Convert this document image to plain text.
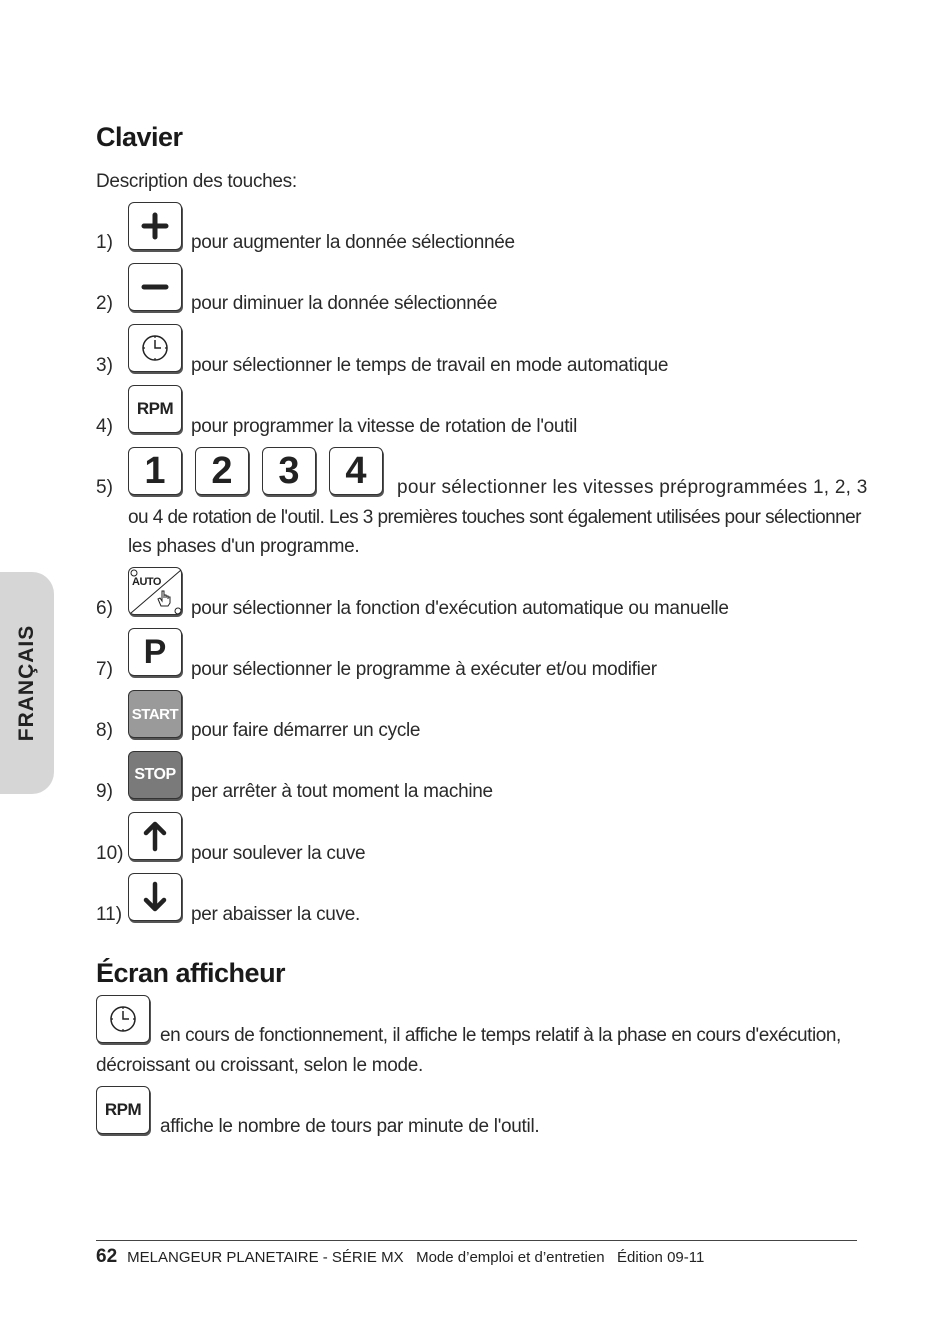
FRANÇAIS
Clavier
Description des touches:
1)	pour augmenter la donnée sélectionnée
2)	pour diminuer la donnée sélectionnée
3)	pour sélectionner le temps de travail en mode automatique
4)
RPM
pour programmer la vitesse de rotation de l'outil
5) 1 2 3 4 pour sélectionner les vitesses préprogrammées 1, 2, 3
ou 4 de rotation de l'outil. Les 3 premières touches sont également utilisées pour sélectionner
les phases d'un programme.
6)
AUTO
pour sélectionner la fonction d'exécution automatique ou manuelle
7) P pour sélectionner le programme à exécuter et/ou modifier
8)
START
pour faire démarrer un cycle
9)
STOP
per arrêter à tout moment la machine
10)	pour soulever la cuve
11)	per abaisser la cuve.
Écran afficheur
en cours de fonctionnement, il affiche le temps relatif à la phase en cours d'exécution,
décroissant ou croissant, selon le mode.
RPM
affiche le nombre de tours par minute de l'outil.
62 MELANGEUR PLANETAIRE - SÉRIE MX   Mode d’emploi et d’entretien   Édition 09-11
